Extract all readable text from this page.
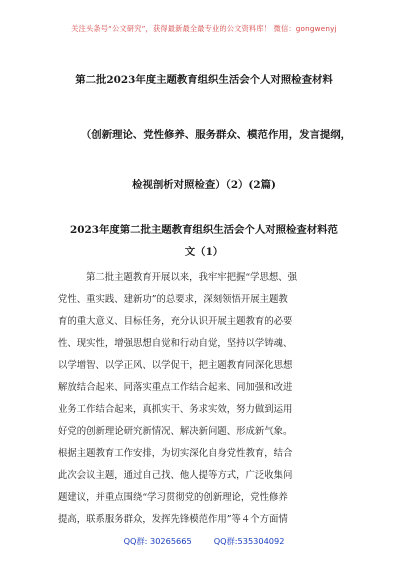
关注头条号“公文研究”，获得最新最全最专业的公文资料库！ 微信：gongwenyj
第二批2023年度主题教育组织生活会个人对照检查材料
（创新理论、党性修养、服务群众、模范作用，发言提纲，
检视剖析对照检查）（2）(2篇)
2023年度第二批主题教育组织生活会个人对照检查材料范
文（1）
第二批主题教育开展以来，我牢牢把握“学思想、强
党性、重实践、建新功”的总要求，深刻领悟开展主题教
育的重大意义、目标任务，充分认识开展主题教育的必要
性、现实性，增强思想自觉和行动自觉，坚持以学铸魂、
以学增智、以学正风、以学促干，把主题教育同深化思想
解放结合起来、同落实重点工作结合起来、同加强和改进
业务工作结合起来，真抓实干、务求实效，努力做到运用
好党的创新理论研究新情况、解决新问题、形成新气象。
根据主题教育工作安排，为切实深化自身党性教育，结合
此次会议主题，通过自己找、他人提等方式，广泛收集问
题建议，并重点围绕“学习贯彻党的创新理论，党性修养
提高，联系服务群众，发挥先锋模范作用”等４个方面情
QQ群: 30265665	QQ群:535304092
